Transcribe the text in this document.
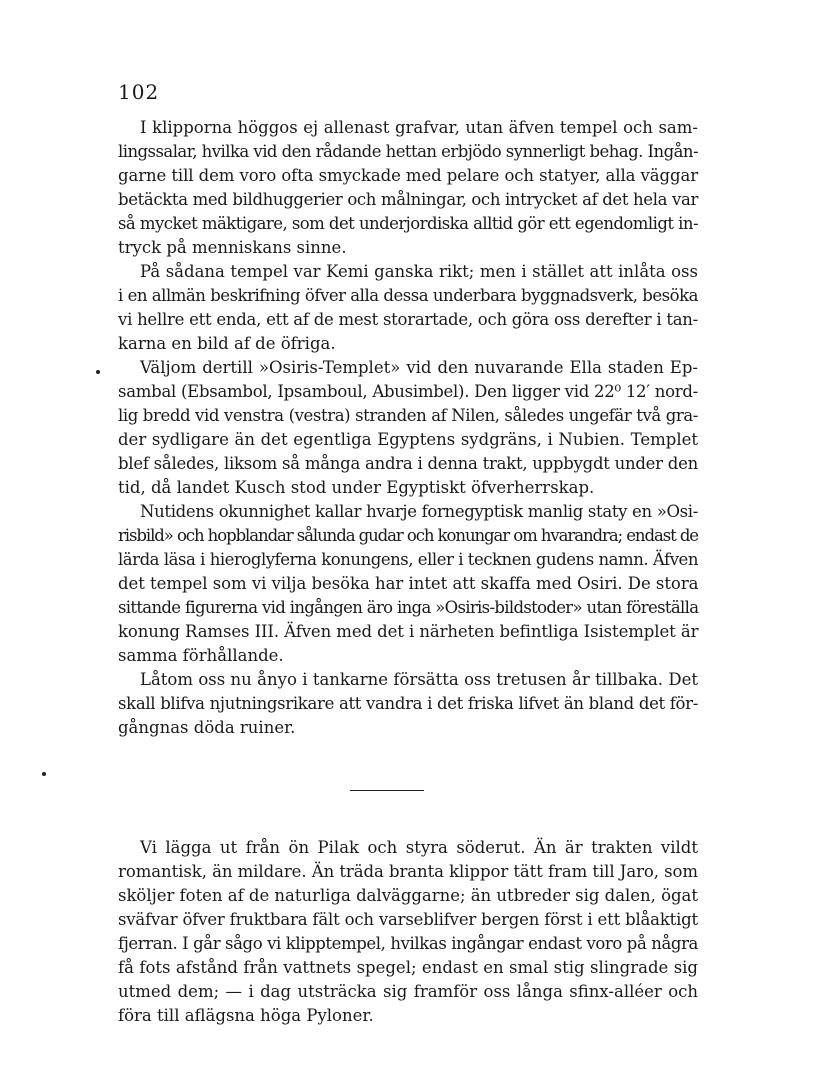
102
I klipporna höggos ej allenast grafvar, utan äfven tempel och sam-
lingssalar, hvilka vid den rådande hettan erbjödo synnerligt behag. Ingån-
garne till dem voro ofta smyckade med pelare och statyer, alla väggar
betäckta med bildhuggerier och målningar, och intrycket af det hela var
så mycket mäktigare, som det underjordiska alltid gör ett egendomligt in-
tryck på menniskans sinne.
På sådana tempel var Kemi ganska rikt; men i stället att inlåta oss
i en allmän beskrifning öfver alla dessa underbara byggnadsverk, besöka
vi hellre ett enda, ett af de mest storartade, och göra oss derefter i tan-
karna en bild af de öfriga.
Väljom dertill »Osiris-Templet» vid den nuvarande Ella staden Ep-
sambal (Ebsambol, Ipsamboul, Abusimbel). Den ligger vid 22⁰ 12′ nord-
lig bredd vid venstra (vestra) stranden af Nilen, således ungefär två gra-
der sydligare än det egentliga Egyptens sydgräns, i Nubien. Templet
blef således, liksom så många andra i denna trakt, uppbygdt under den
tid, då landet Kusch stod under Egyptiskt öfverherrskap.
Nutidens okunnighet kallar hvarje fornegyptisk manlig staty en »Osi-
risbild» och hopblandar sålunda gudar och konungar om hvarandra; endast de
lärda läsa i hieroglyferna konungens, eller i tecknen gudens namn. Äfven
det tempel som vi vilja besöka har intet att skaffa med Osiri. De stora
sittande figurerna vid ingången äro inga »Osiris-bildstoder» utan föreställa
konung Ramses III. Äfven med det i närheten befintliga Isistemplet är
samma förhållande.
Låtom oss nu ånyo i tankarne försätta oss tretusen år tillbaka. Det
skall blifva njutningsrikare att vandra i det friska lifvet än bland det för-
gångnas döda ruiner.
Vi lägga ut från ön Pilak och styra söderut. Än är trakten vildt
romantisk, än mildare. Än träda branta klippor tätt fram till Jaro, som
sköljer foten af de naturliga dalväggarne; än utbreder sig dalen, ögat
sväfvar öfver fruktbara fält och varseblifver bergen först i ett blåaktigt
fjerran. I går sågo vi klipptempel, hvilkas ingångar endast voro på några
få fots afstånd från vattnets spegel; endast en smal stig slingrade sig
utmed dem; — i dag utsträcka sig framför oss långa sfinx-alléer och
föra till aflägsna höga Pyloner.
